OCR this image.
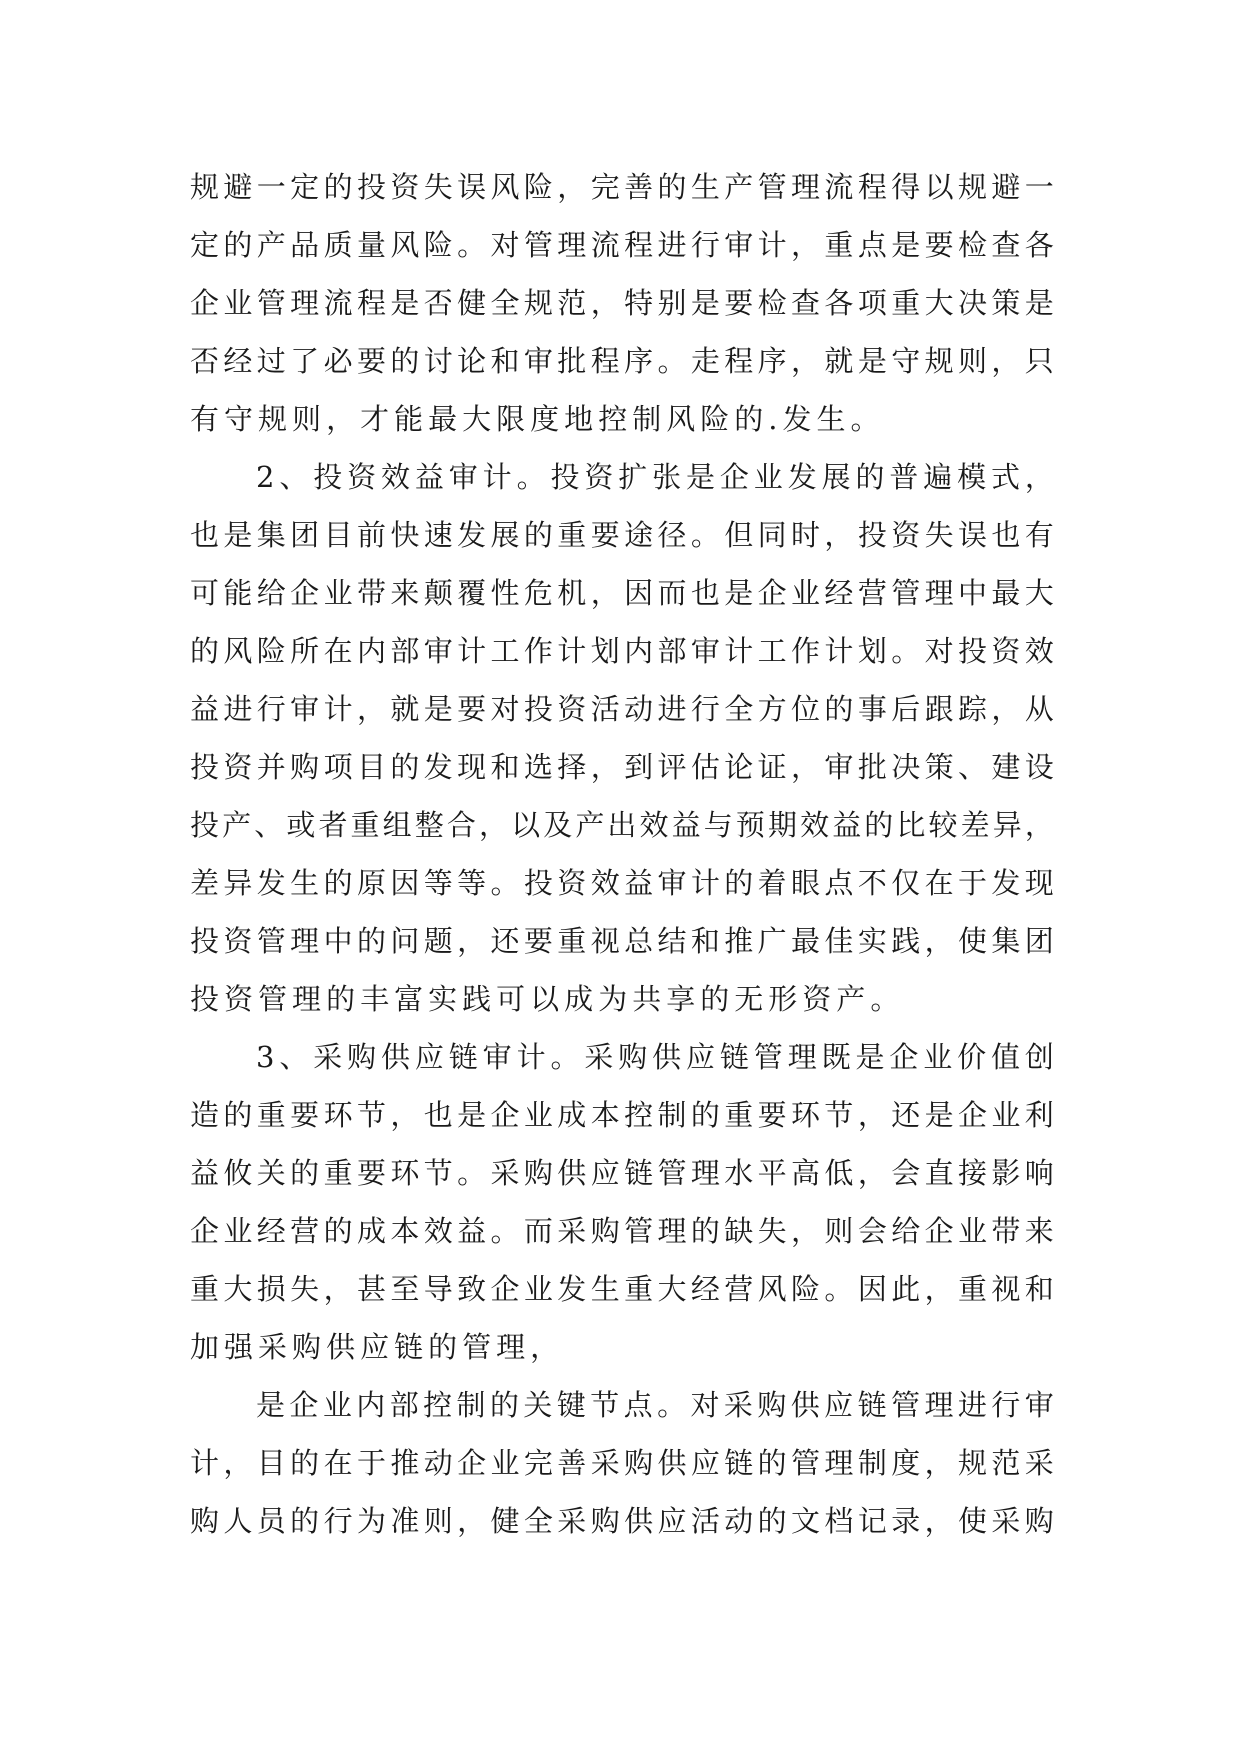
规 避 一 定 的 投 资 失 误 风 险 ， 完 善 的 生 产 管 理 流 程 得 以 规 避 一
定 的 产 品 质 量 风 险 。 对 管 理 流 程 进 行 审 计 ， 重 点 是 要 检 查 各
企 业 管 理 流 程 是 否 健 全 规 范 ， 特 别 是 要 检 查 各 项 重 大 决 策 是
否 经 过 了 必 要 的 讨 论 和 审 批 程 序 。 走 程 序 ， 就 是 守 规 则 ， 只
有 守 规 则 ， 才 能 最 大 限 度 地 控 制 风 险 的 . 发 生 。
2 、 投 资 效 益 审 计 。 投 资 扩 张 是 企 业 发 展 的 普 遍 模 式 ，
也 是 集 团 目 前 快 速 发 展 的 重 要 途 径 。 但 同 时 ， 投 资 失 误 也 有
可 能 给 企 业 带 来 颠 覆 性 危 机 ， 因 而 也 是 企 业 经 营 管 理 中 最 大
的 风 险 所 在 内 部 审 计 工 作 计 划 内 部 审 计 工 作 计 划 。 对 投 资 效
益 进 行 审 计 ， 就 是 要 对 投 资 活 动 进 行 全 方 位 的 事 后 跟 踪 ， 从
投 资 并 购 项 目 的 发 现 和 选 择 ， 到 评 估 论 证 ， 审 批 决 策 、 建 设
投 产 、 或 者 重 组 整 合 ， 以 及 产 出 效 益 与 预 期 效 益 的 比 较 差 异 ，
差 异 发 生 的 原 因 等 等 。 投 资 效 益 审 计 的 着 眼 点 不 仅 在 于 发 现
投 资 管 理 中 的 问 题 ， 还 要 重 视 总 结 和 推 广 最 佳 实 践 ， 使 集 团
投 资 管 理 的 丰 富 实 践 可 以 成 为 共 享 的 无 形 资 产 。
3 、 采 购 供 应 链 审 计 。 采 购 供 应 链 管 理 既 是 企 业 价 值 创
造 的 重 要 环 节 ， 也 是 企 业 成 本 控 制 的 重 要 环 节 ， 还 是 企 业 利
益 攸 关 的 重 要 环 节 。 采 购 供 应 链 管 理 水 平 高 低 ， 会 直 接 影 响
企 业 经 营 的 成 本 效 益 。 而 采 购 管 理 的 缺 失 ， 则 会 给 企 业 带 来
重 大 损 失 ， 甚 至 导 致 企 业 发 生 重 大 经 营 风 险 。 因 此 ， 重 视 和
加 强 采 购 供 应 链 的 管 理 ，
是 企 业 内 部 控 制 的 关 键 节 点 。 对 采 购 供 应 链 管 理 进 行 审
计 ， 目 的 在 于 推 动 企 业 完 善 采 购 供 应 链 的 管 理 制 度 ， 规 范 采
购 人 员 的 行 为 准 则 ， 健 全 采 购 供 应 活 动 的 文 档 记 录 ， 使 采 购
